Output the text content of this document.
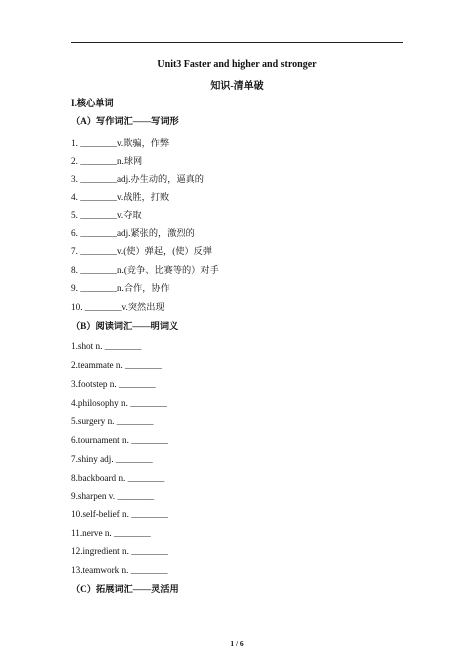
Unit3 Faster and higher and stronger
知识-清单破
I.核心单词
（A）写作词汇——写词形
1. ________v.欺骗，作弊
2. ________n.球网
3. ________adj.办生动的，逼真的
4. ________v.战胜，打败
5. ________v.夺取
6. ________adj.紧张的，激烈的
7. ________v.(使）弹起，(使）反弹
8. ________n.(竞争、比赛等的）对手
9. ________n.合作，协作
10. ________v.突然出现
（B）阅读词汇——明词义
1.shot n. ________
2.teammate n. ________
3.footstep n. ________
4.philosophy n. ________
5.surgery n. ________
6.tournament n. ________
7.shiny adj. ________
8.backboard n. ________
9.sharpen v. ________
10.self-belief n. ________
11.nerve n. ________
12.ingredient n. ________
13.teamwork n. ________
（C）拓展词汇——灵活用
1 / 6
